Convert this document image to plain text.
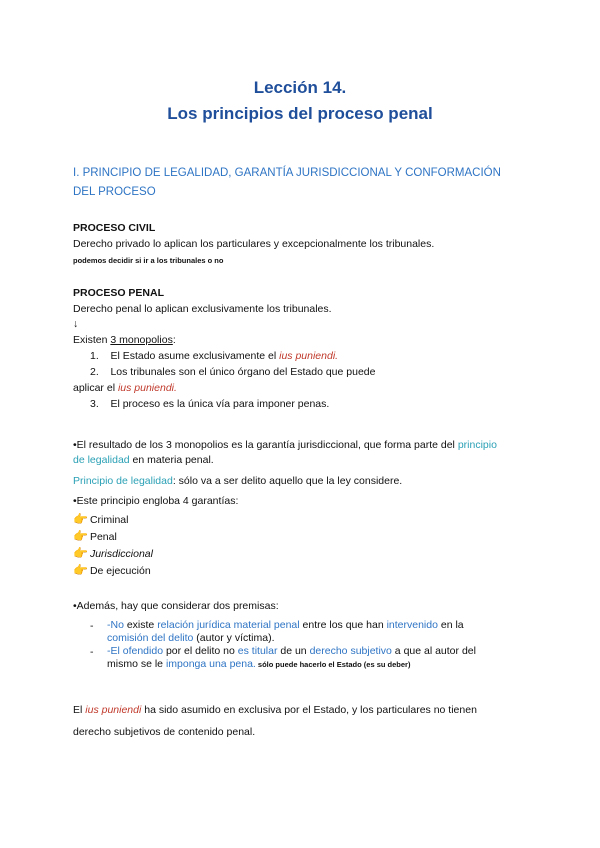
Lección 14.
Los principios del proceso penal
I. PRINCIPIO DE LEGALIDAD, GARANTÍA JURISDICCIONAL Y CONFORMACIÓN DEL PROCESO
PROCESO CIVIL
Derecho privado lo aplican los particulares y excepcionalmente los tribunales.
podemos decidir si ir a los tribunales o no
PROCESO PENAL
Derecho penal lo aplican exclusivamente los tribunales.
↓
Existen 3 monopolios:
1. El Estado asume exclusivamente el ius puniendi.
2. Los tribunales son el único órgano del Estado que puede
aplicar el ius puniendi.
3. El proceso es la única vía para imponer penas.
•El resultado de los 3 monopolios es la garantía jurisdiccional, que forma parte del principio
de legalidad en materia penal.
Principio de legalidad: sólo va a ser delito aquello que la ley considere.
•Este principio engloba 4 garantías:
👉 Criminal
👉 Penal
👉 Jurisdiccional
👉 De ejecución
•Además, hay que considerar dos premisas:
- -No existe relación jurídica material penal entre los que han intervenido en la
comisión del delito (autor y víctima).
- -El ofendido por el delito no es titular de un derecho subjetivo a que al autor del
mismo se le imponga una pena. sólo puede hacerlo el Estado (es su deber)
El ius puniendi ha sido asumido en exclusiva por el Estado, y los particulares no tienen
derecho subjetivos de contenido penal.
